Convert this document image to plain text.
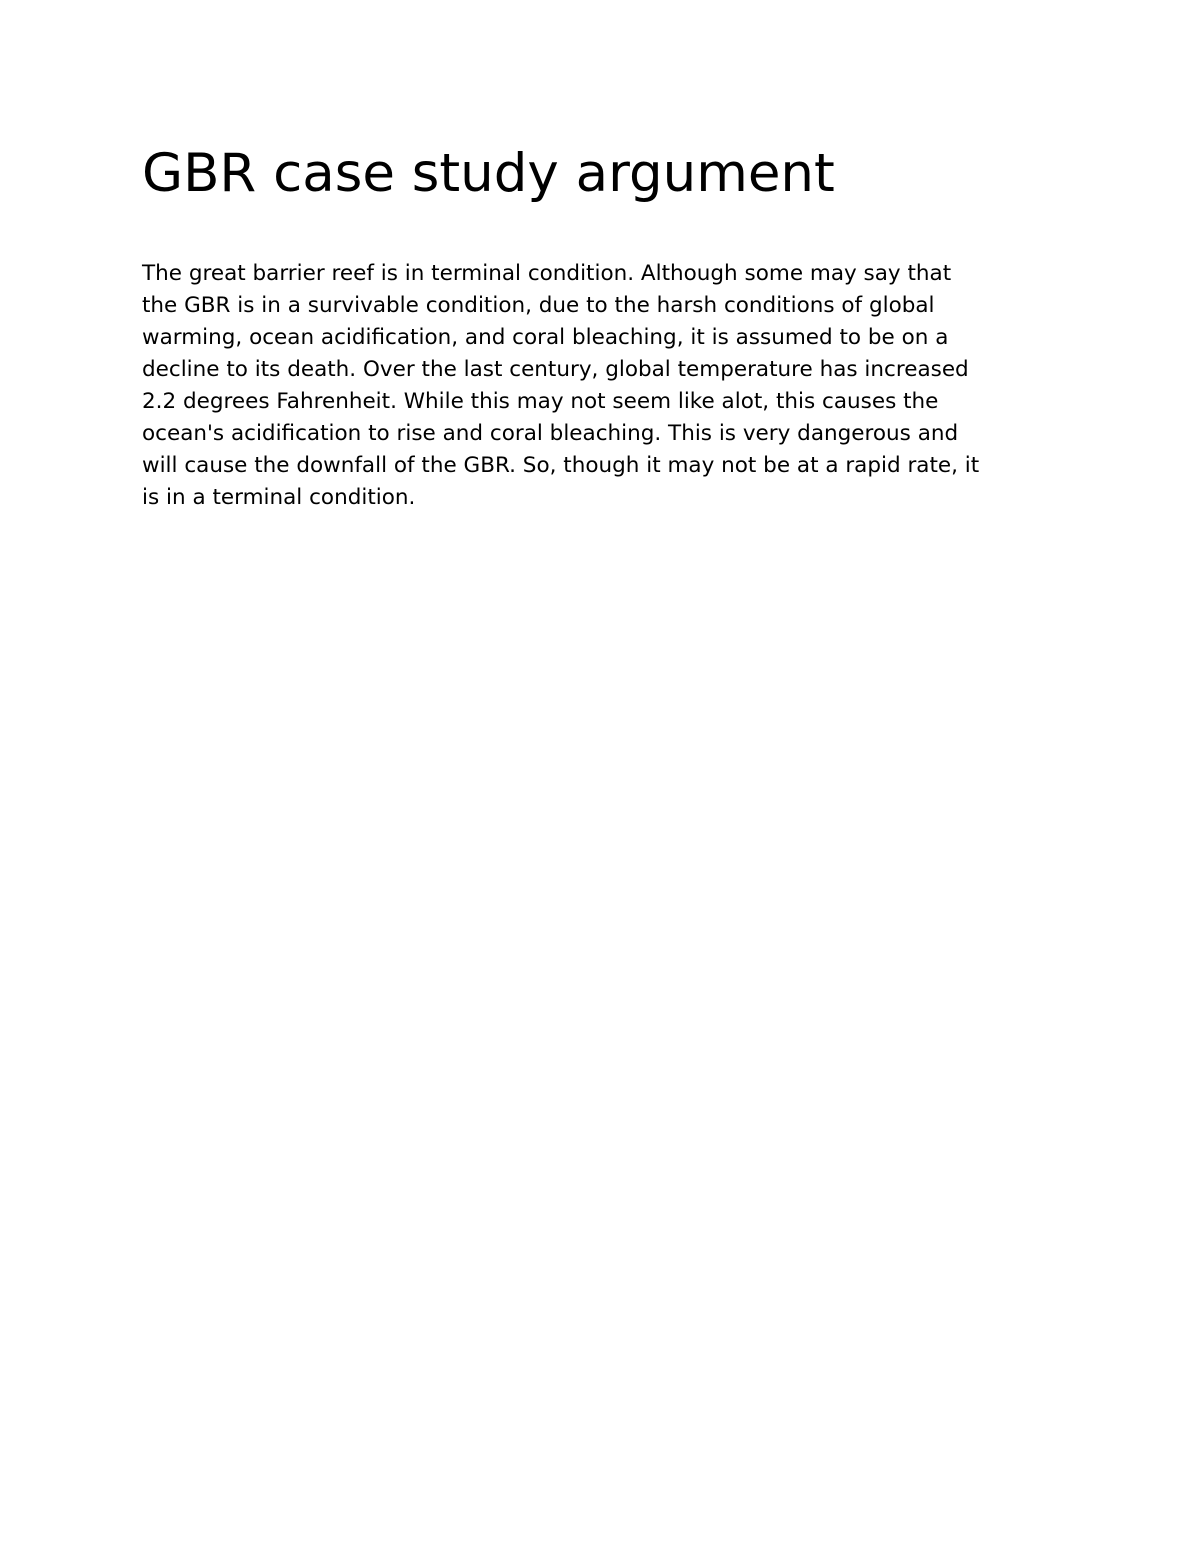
GBR case study argument

The great barrier reef is in terminal condition. Although some may say that
the GBR is in a survivable condition, due to the harsh conditions of global
warming, ocean acidification, and coral bleaching, it is assumed to be on a
decline to its death. Over the last century, global temperature has increased
2.2 degrees Fahrenheit. While this may not seem like alot, this causes the
ocean's acidification to rise and coral bleaching. This is very dangerous and
will cause the downfall of the GBR. So, though it may not be at a rapid rate, it
is in a terminal condition.
